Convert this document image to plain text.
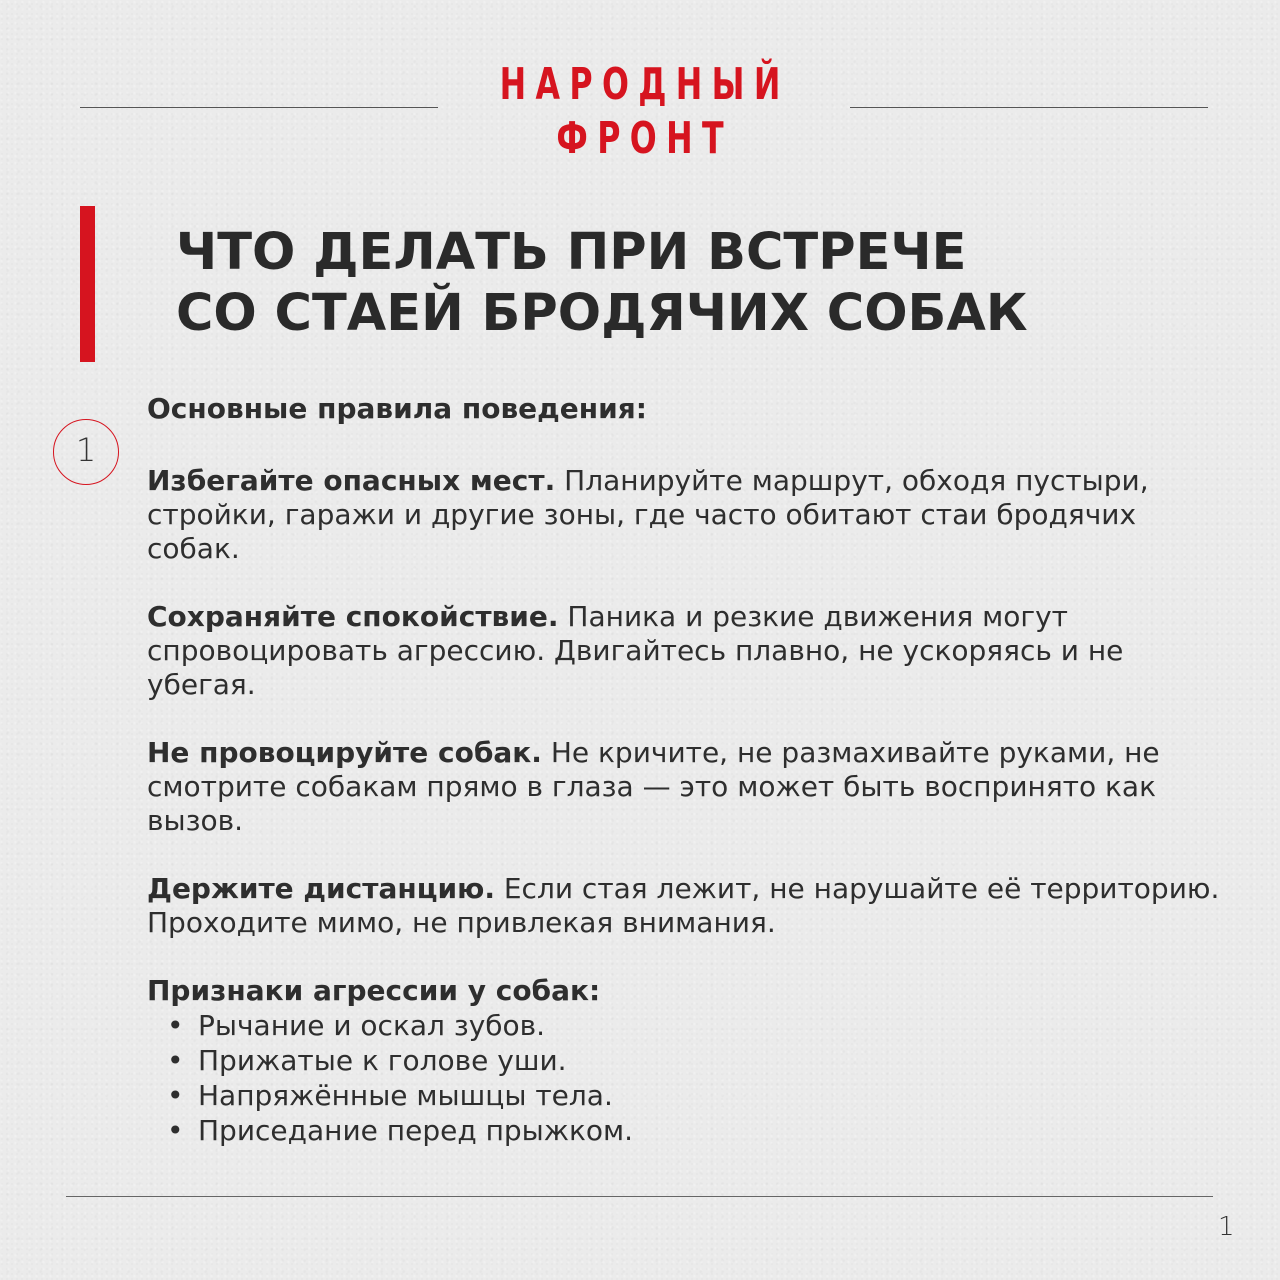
НАРОДНЫЙ
ФРОНТ
ЧТО ДЕЛАТЬ ПРИ ВСТРЕЧЕ
СО СТАЕЙ БРОДЯЧИХ СОБАК
1

Основные правила поведения:

Избегайте опасных мест. Планируйте маршрут, обходя пустыри, стройки, гаражи и другие зоны, где часто обитают стаи бродячих собак.

Сохраняйте спокойствие. Паника и резкие движения могут спровоцировать агрессию. Двигайтесь плавно, не ускоряясь и не убегая.

Не провоцируйте собак. Не кричите, не размахивайте руками, не смотрите собакам прямо в глаза — это может быть воспринято как вызов.

Держите дистанцию. Если стая лежит, не нарушайте её территорию. Проходите мимо, не привлекая внимания.

Признаки агрессии у собак:

• Рычание и оскал зубов.
• Прижатые к голове уши.
• Напряжённые мышцы тела.
• Приседание перед прыжком.
1
